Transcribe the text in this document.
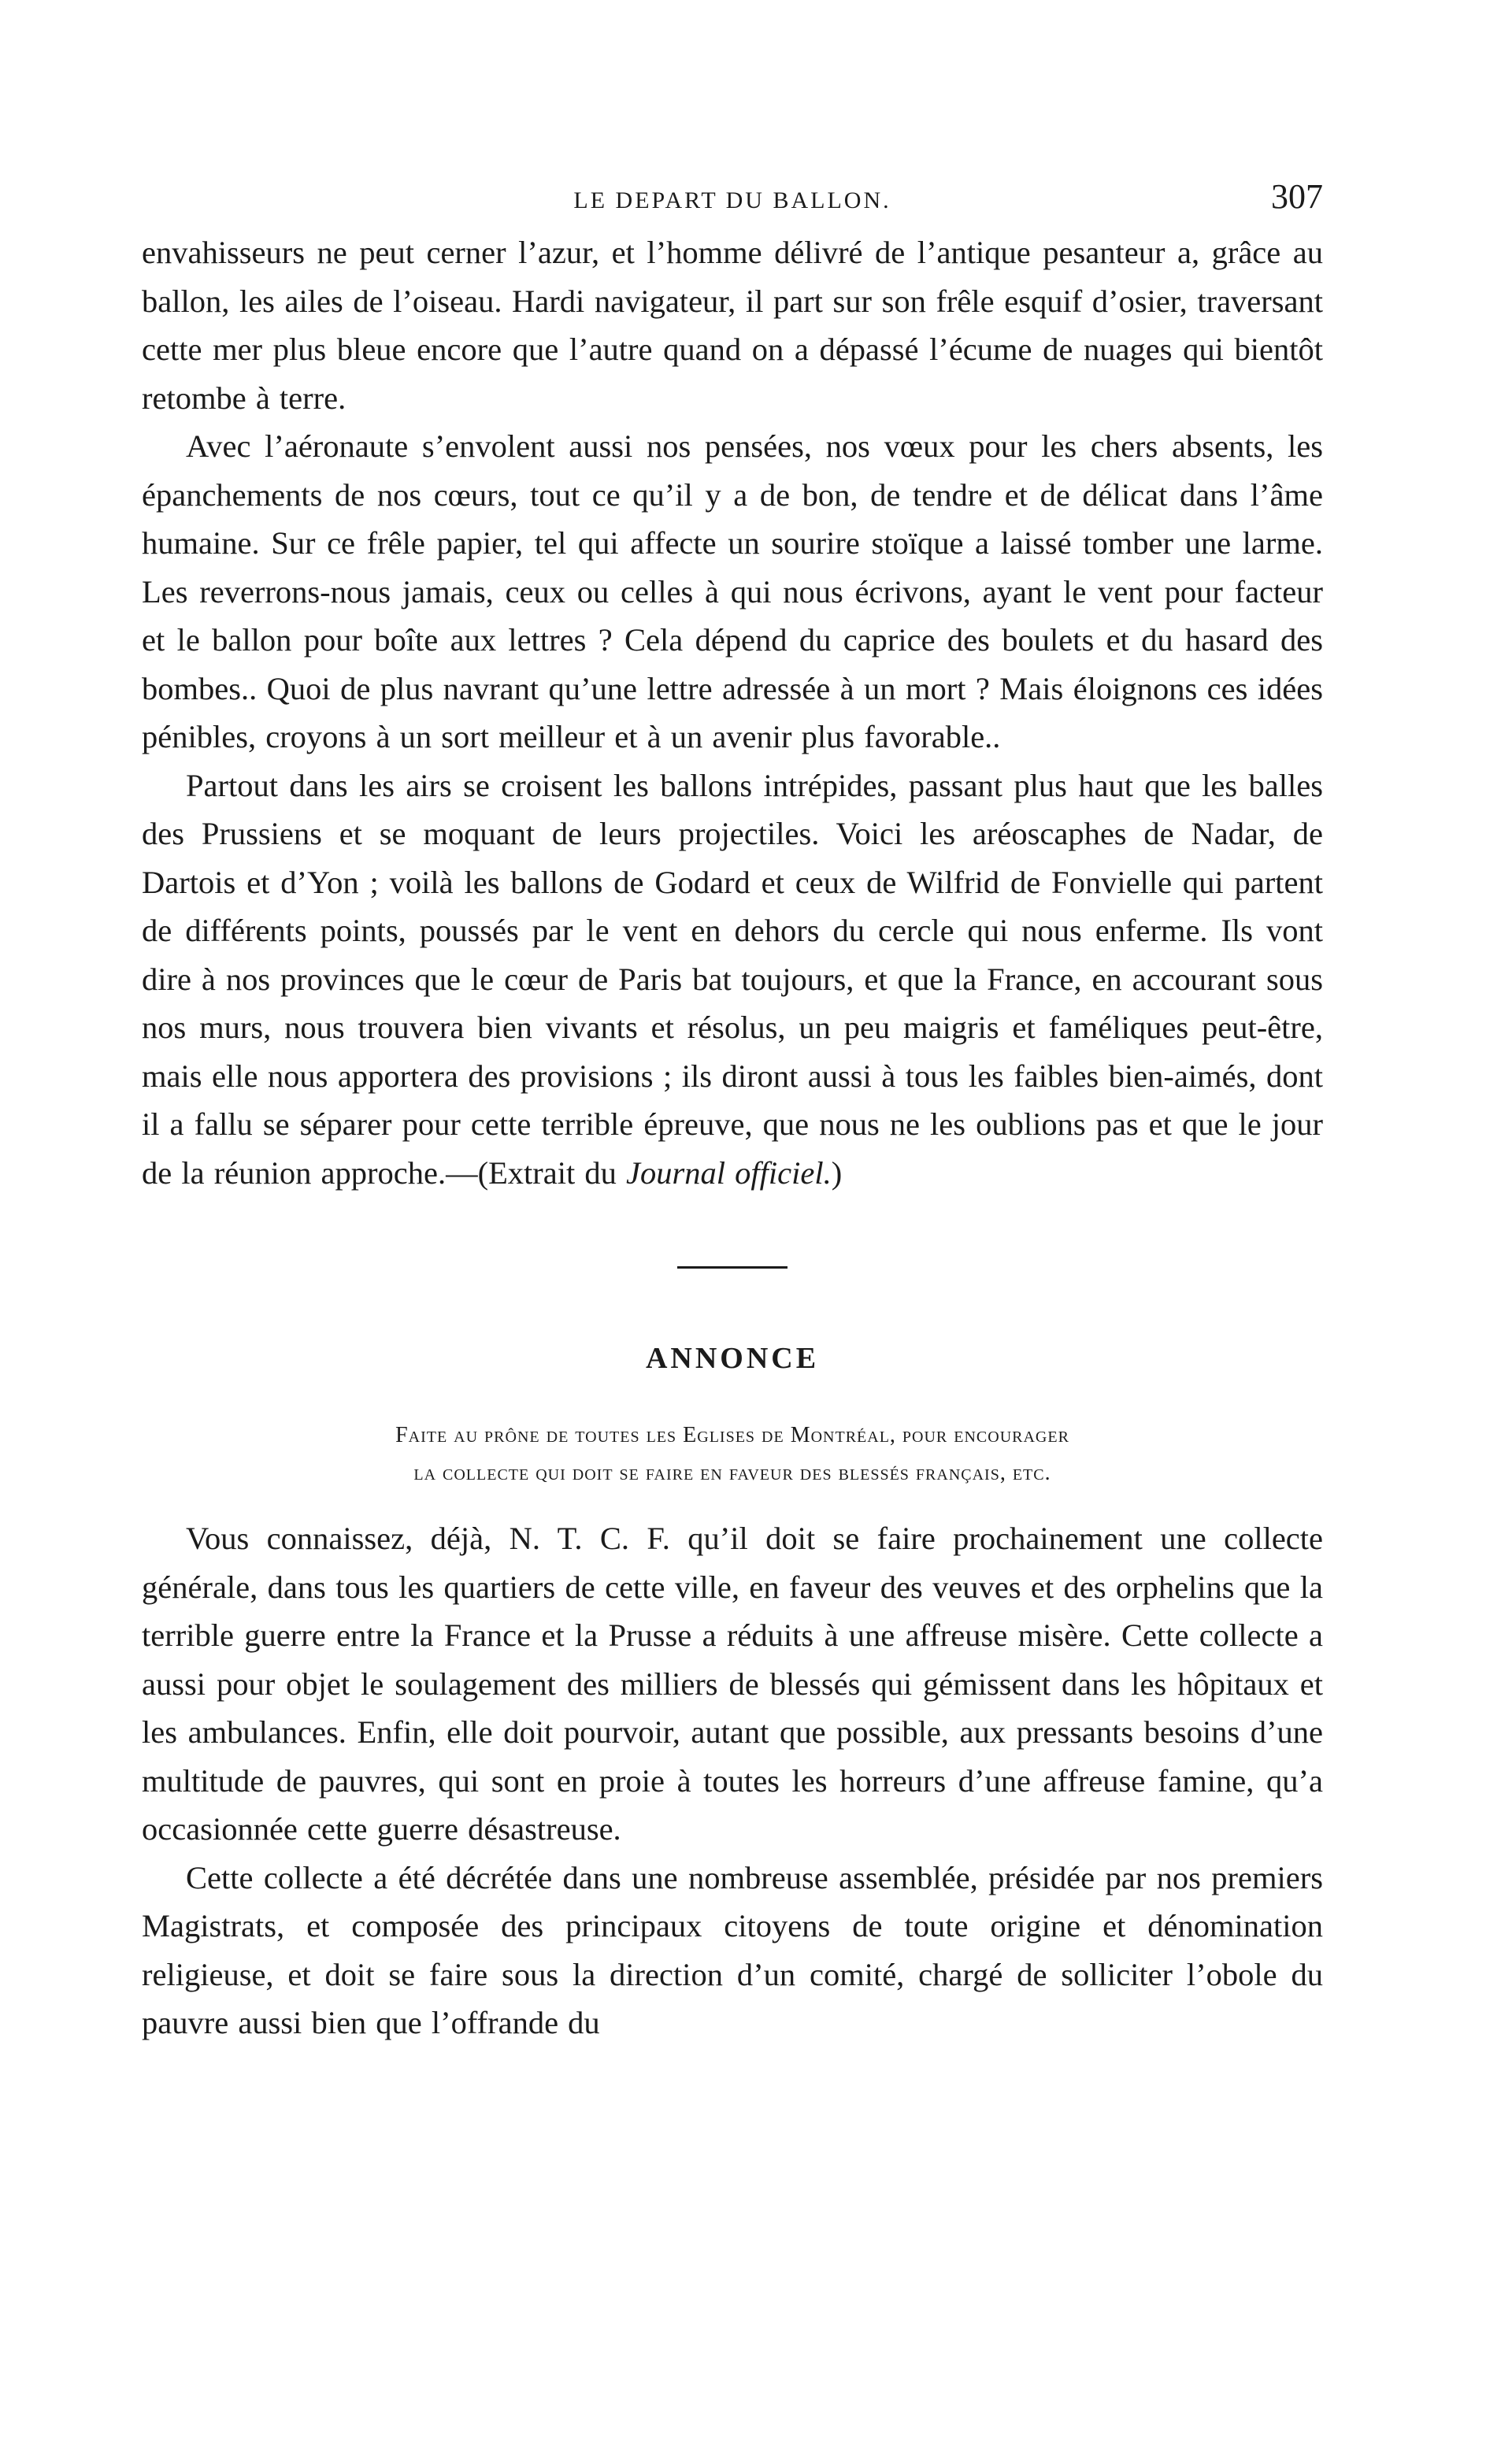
LE DEPART DU BALLON.	307

envahisseurs ne peut cerner l’azur, et l’homme délivré de l’antique pesanteur a, grâce au ballon, les ailes de l’oiseau. Hardi navigateur, il part sur son frêle esquif d’osier, traversant cette mer plus bleue encore que l’autre quand on a dépassé l’écume de nuages qui bientôt retombe à terre.

Avec l’aéronaute s’envolent aussi nos pensées, nos vœux pour les chers absents, les épanchements de nos cœurs, tout ce qu’il y a de bon, de tendre et de délicat dans l’âme humaine. Sur ce frêle papier, tel qui affecte un sourire stoïque a laissé tomber une larme. Les reverrons-nous jamais, ceux ou celles à qui nous écrivons, ayant le vent pour facteur et le ballon pour boîte aux lettres ? Cela dépend du caprice des boulets et du hasard des bombes.. Quoi de plus navrant qu’une lettre adressée à un mort ? Mais éloignons ces idées pénibles, croyons à un sort meilleur et à un avenir plus favorable..

Partout dans les airs se croisent les ballons intrépides, passant plus haut que les balles des Prussiens et se moquant de leurs projectiles. Voici les aréoscaphes de Nadar, de Dartois et d’Yon ; voilà les ballons de Godard et ceux de Wilfrid de Fonvielle qui partent de différents points, poussés par le vent en dehors du cercle qui nous enferme. Ils vont dire à nos provinces que le cœur de Paris bat toujours, et que la France, en accourant sous nos murs, nous trouvera bien vivants et résolus, un peu maigris et faméliques peut-être, mais elle nous apportera des provisions ; ils diront aussi à tous les faibles bien-aimés, dont il a fallu se séparer pour cette terrible épreuve, que nous ne les oublions pas et que le jour de la réunion approche.—(Extrait du Journal officiel.)

ANNONCE
Faite au prône de toutes les Eglises de Montréal, pour encourager
la collecte qui doit se faire en faveur des blessés français, etc.

Vous connaissez, déjà, N. T. C. F. qu’il doit se faire prochainement une collecte générale, dans tous les quartiers de cette ville, en faveur des veuves et des orphelins que la terrible guerre entre la France et la Prusse a réduits à une affreuse misère. Cette collecte a aussi pour objet le soulagement des milliers de blessés qui gémissent dans les hôpitaux et les ambulances. Enfin, elle doit pourvoir, autant que possible, aux pressants besoins d’une multitude de pauvres, qui sont en proie à toutes les horreurs d’une affreuse famine, qu’a occasionnée cette guerre désastreuse.

Cette collecte a été décrétée dans une nombreuse assemblée, présidée par nos premiers Magistrats, et composée des principaux citoyens de toute origine et dénomination religieuse, et doit se faire sous la direction d’un comité, chargé de solliciter l’obole du pauvre aussi bien que l’offrande du
